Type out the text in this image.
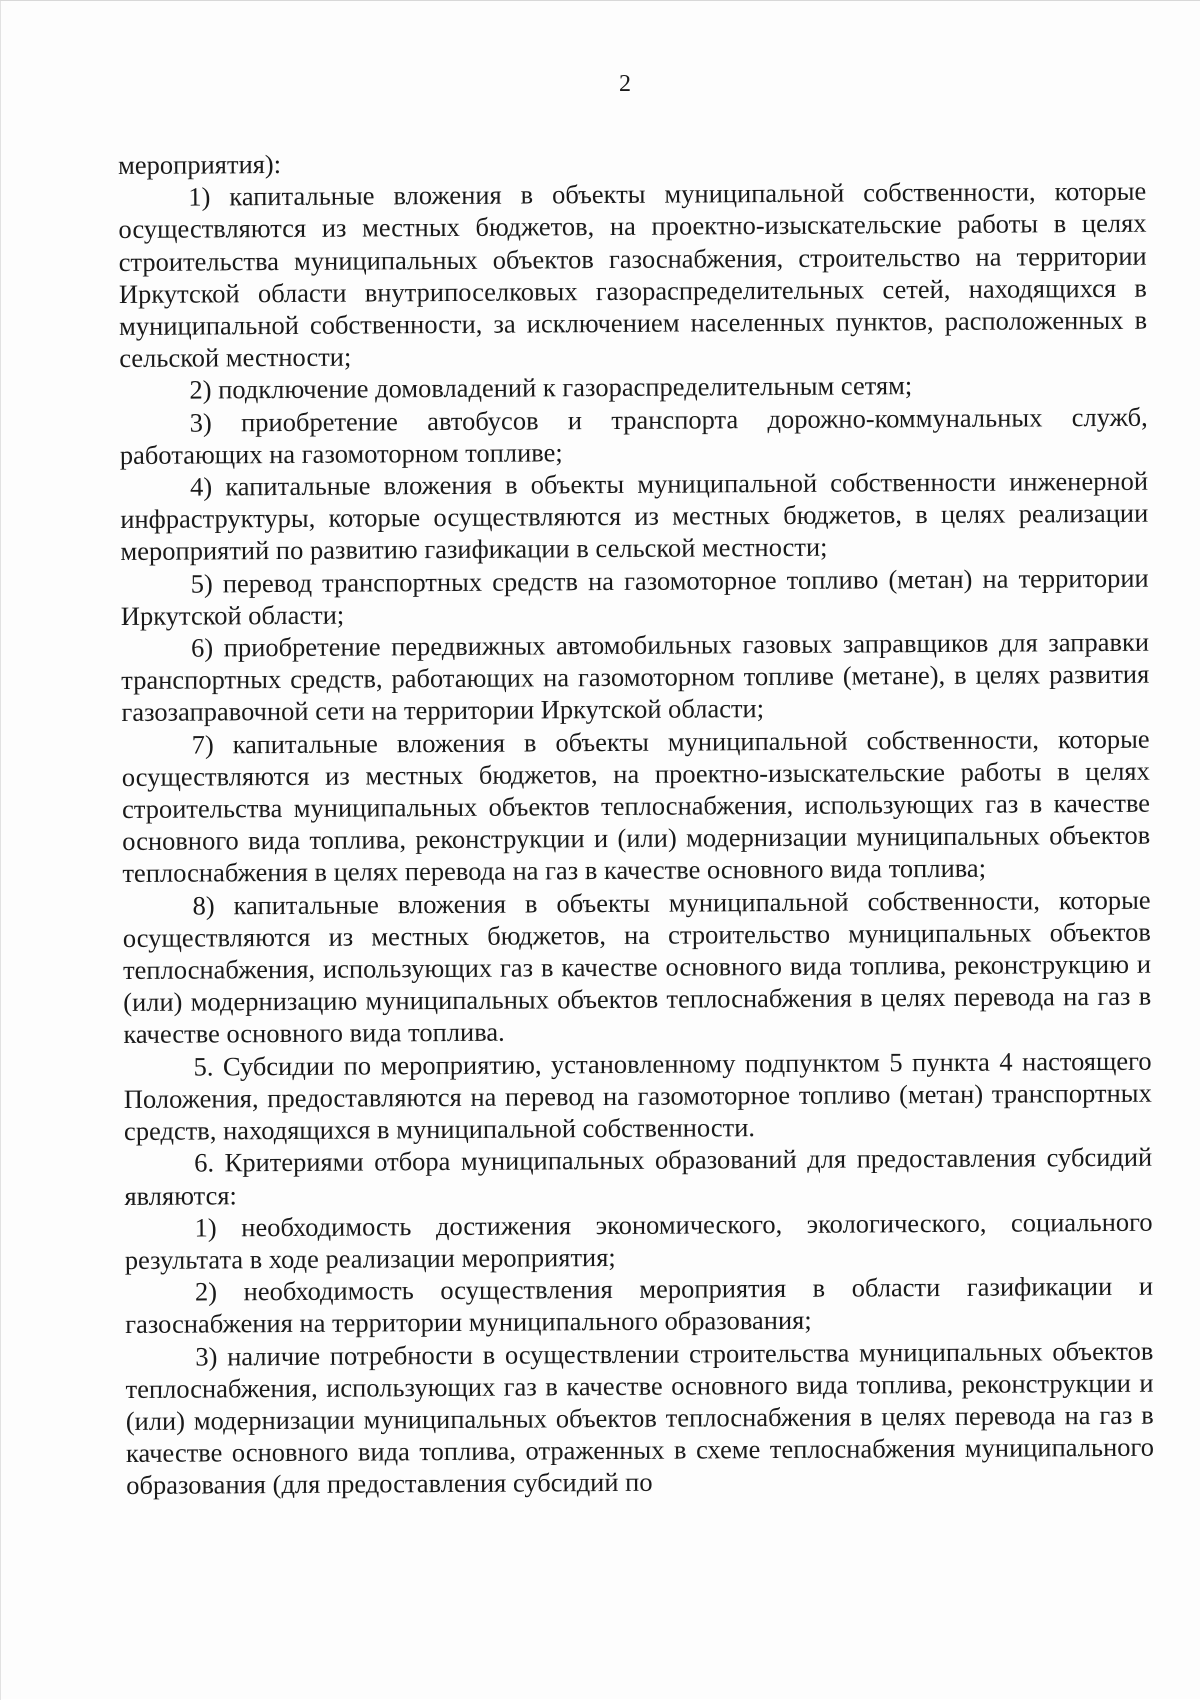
2

мероприятия):

1) капитальные вложения в объекты муниципальной собственности, которые осуществляются из местных бюджетов, на проектно-изыскательские работы в целях строительства муниципальных объектов газоснабжения, строительство на территории Иркутской области внутрипоселковых газораспределительных сетей, находящихся в муниципальной собственности, за исключением населенных пунктов, расположенных в сельской местности;

2) подключение домовладений к газораспределительным сетям;

3) приобретение автобусов и транспорта дорожно-коммунальных служб, работающих на газомоторном топливе;

4) капитальные вложения в объекты муниципальной собственности инженерной инфраструктуры, которые осуществляются из местных бюджетов, в целях реализации мероприятий по развитию газификации в сельской местности;

5) перевод транспортных средств на газомоторное топливо (метан) на территории Иркутской области;

6) приобретение передвижных автомобильных газовых заправщиков для заправки транспортных средств, работающих на газомоторном топливе (метане), в целях развития газозаправочной сети на территории Иркутской области;

7) капитальные вложения в объекты муниципальной собственности, которые осуществляются из местных бюджетов, на проектно-изыскательские работы в целях строительства муниципальных объектов теплоснабжения, использующих газ в качестве основного вида топлива, реконструкции и (или) модернизации муниципальных объектов теплоснабжения в целях перевода на газ в качестве основного вида топлива;

8) капитальные вложения в объекты муниципальной собственности, которые осуществляются из местных бюджетов, на строительство муниципальных объектов теплоснабжения, использующих газ в качестве основного вида топлива, реконструкцию и (или) модернизацию муниципальных объектов теплоснабжения в целях перевода на газ в качестве основного вида топлива.

5. Субсидии по мероприятию, установленному подпунктом 5 пункта 4 настоящего Положения, предоставляются на перевод на газомоторное топливо (метан) транспортных средств, находящихся в муниципальной собственности.

6. Критериями отбора муниципальных образований для предоставления субсидий являются:

1) необходимость достижения экономического, экологического, социального результата в ходе реализации мероприятия;

2) необходимость осуществления мероприятия в области газификации и газоснабжения на территории муниципального образования;

3) наличие потребности в осуществлении строительства муниципальных объектов теплоснабжения, использующих газ в качестве основного вида топлива, реконструкции и (или) модернизации муниципальных объектов теплоснабжения в целях перевода на газ в качестве основного вида топлива, отраженных в схеме теплоснабжения муниципального образования (для предоставления субсидий по
